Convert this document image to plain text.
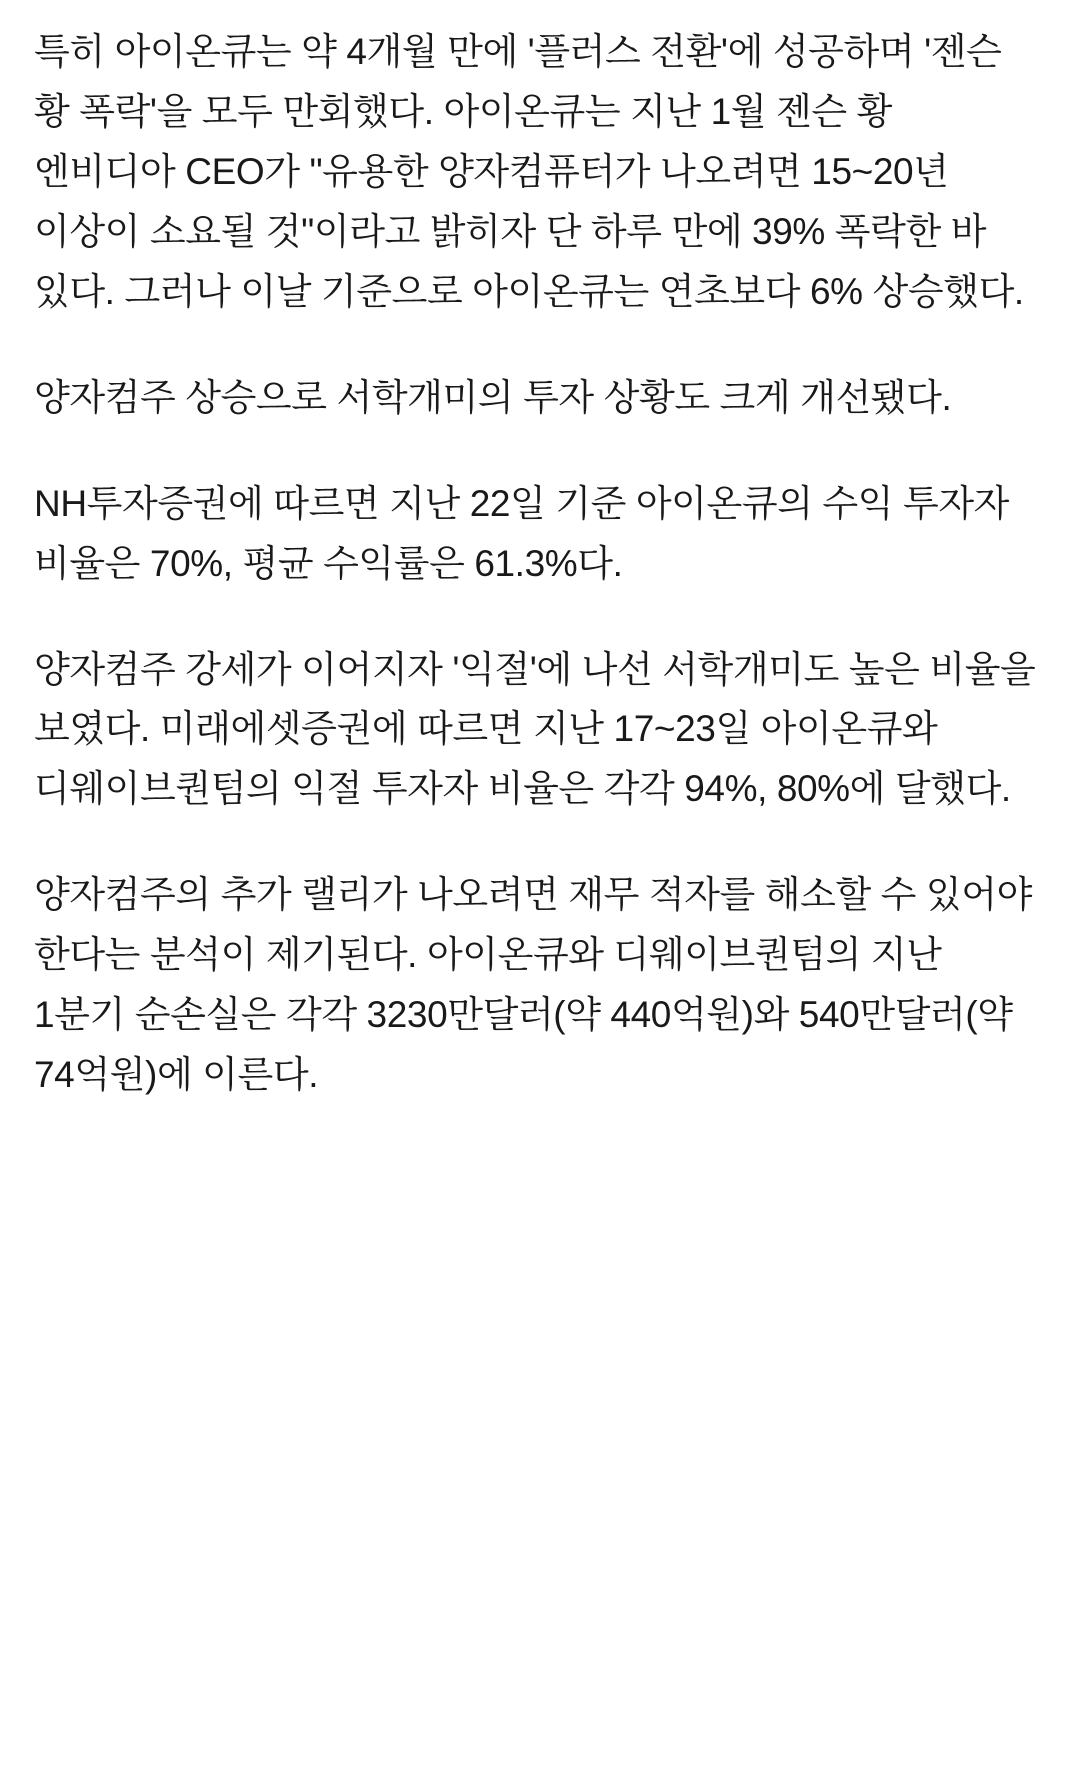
특히 아이온큐는 약 4개월 만에 '플러스 전환'에 성공하며 '젠슨 황 폭락'을 모두 만회했다. 아이온큐는 지난 1월 젠슨 황 엔비디아 CEO가 "유용한 양자컴퓨터가 나오려면 15~20년 이상이 소요될 것"이라고 밝히자 단 하루 만에 39% 폭락한 바 있다. 그러나 이날 기준으로 아이온큐는 연초보다 6% 상승했다.

양자컴주 상승으로 서학개미의 투자 상황도 크게 개선됐다.

NH투자증권에 따르면 지난 22일 기준 아이온큐의 수익 투자자 비율은 70%, 평균 수익률은 61.3%다.

양자컴주 강세가 이어지자 '익절'에 나선 서학개미도 높은 비율을 보였다. 미래에셋증권에 따르면 지난 17~23일 아이온큐와 디웨이브퀀텀의 익절 투자자 비율은 각각 94%, 80%에 달했다.

양자컴주의 추가 랠리가 나오려면 재무 적자를 해소할 수 있어야 한다는 분석이 제기된다. 아이온큐와 디웨이브퀀텀의 지난 1분기 순손실은 각각 3230만달러(약 440억원)와 540만달러(약 74억원)에 이른다.
